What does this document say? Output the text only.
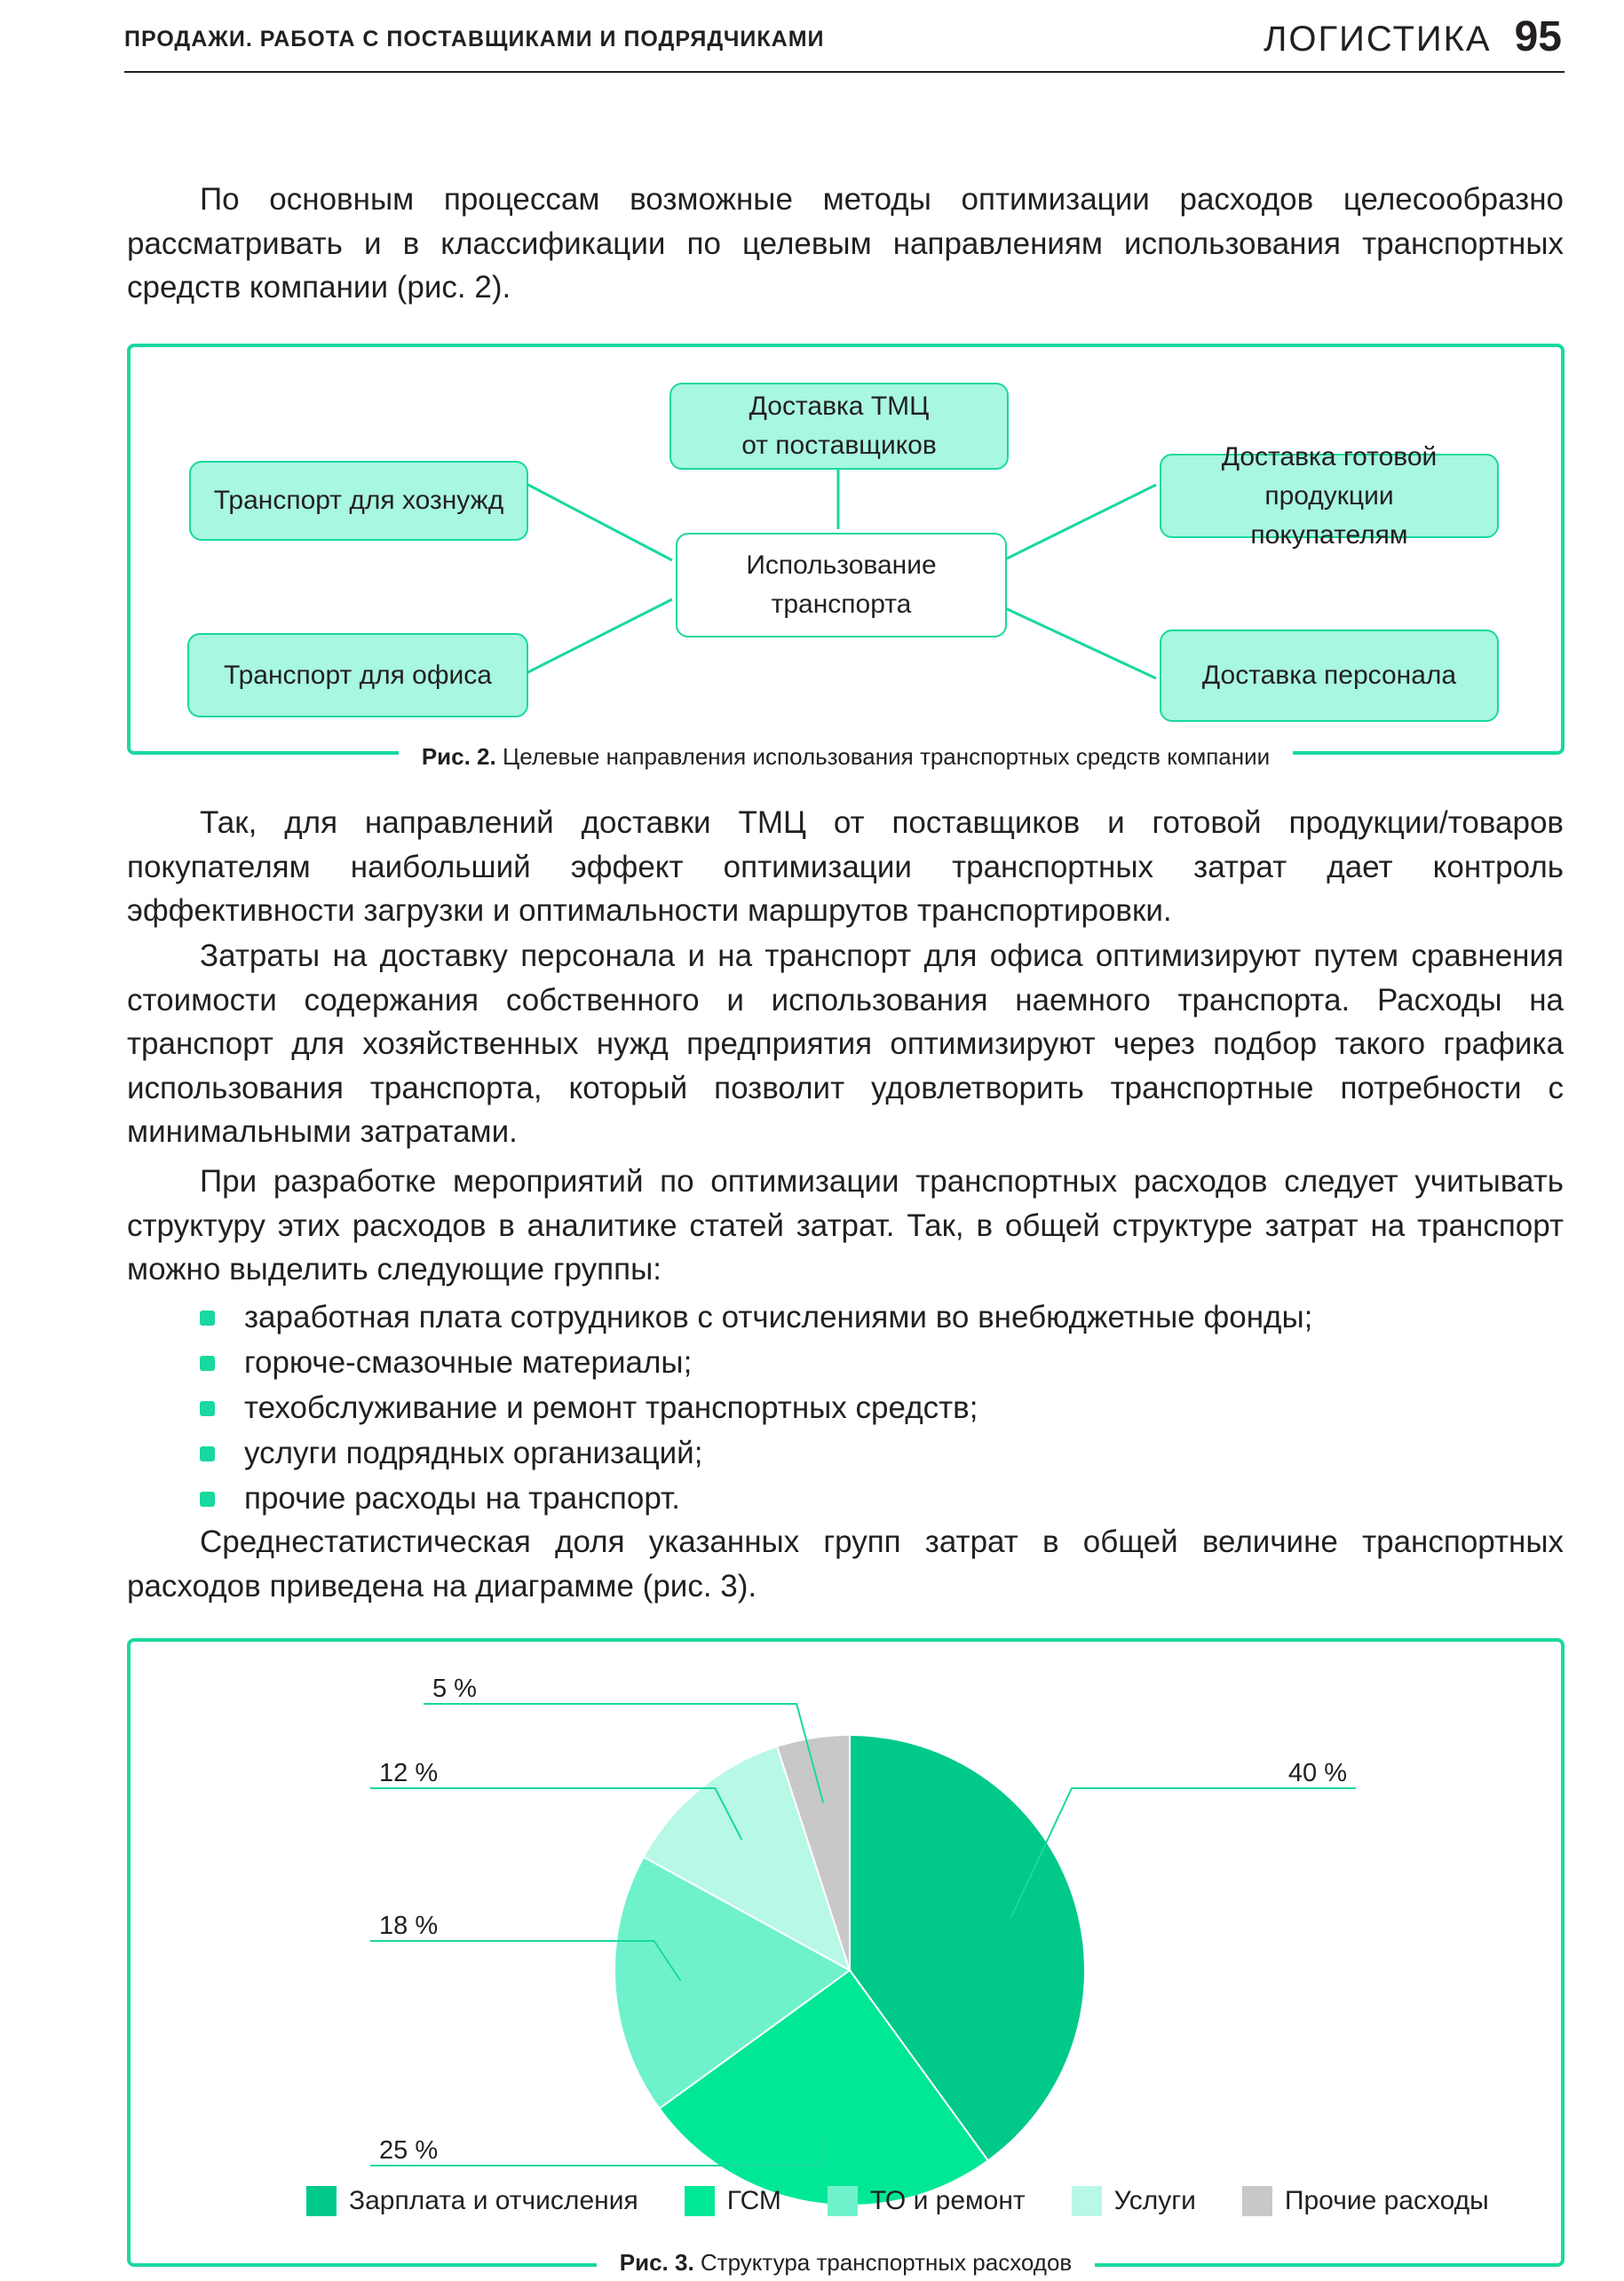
ПРОДАЖИ. РАБОТА С ПОСТАВЩИКАМИ И ПОДРЯДЧИКАМИ	ЛОГИСТИКА 95

По основным процессам возможные методы оптимизации расходов целесообразно рассматривать и в классификации по целевым направлениям использования транспортных средств компании (рис. 2).

Доставка ТМЦ
от поставщиков
Транспорт для хознужд
Доставка готовой продукции
покупателям
Использование транспорта
Транспорт для офиса	Доставка персонала
Рис. 2. Целевые направления использования транспортных средств компании

Так, для направлений доставки ТМЦ от поставщиков и готовой продукции/товаров покупателям наибольший эффект оптимизации транспортных затрат дает контроль эффективности загрузки и оптимальности маршрутов транспортировки.

Затраты на доставку персонала и на транспорт для офиса оптимизируют путем сравнения стоимости содержания собственного и использования наемного транспорта. Расходы на транспорт для хозяйственных нужд предприятия оптимизируют через подбор такого графика использования транспорта, который позволит удовлетворить транспортные потребности с минимальными затратами.

При разработке мероприятий по оптимизации транспортных расходов следует учитывать структуру этих расходов в аналитике статей затрат. Так, в общей структуре затрат на транспорт можно выделить следующие группы:

заработная плата сотрудников с отчислениями во внебюджетные фонды;
горюче-смазочные материалы;
техобслуживание и ремонт транспортных средств;
услуги подрядных организаций;
прочие расходы на транспорт.

Среднестатистическая доля указанных групп затрат в общей величине транспортных расходов приведена на диаграмме (рис. 3).

40 %
25 %
18 %
12 %
5 %
Рис. 3. Структура транспортных расходов
Зарплата и отчисления	ГСМ	ТО и ремонт	Услуги	Прочие расходы
